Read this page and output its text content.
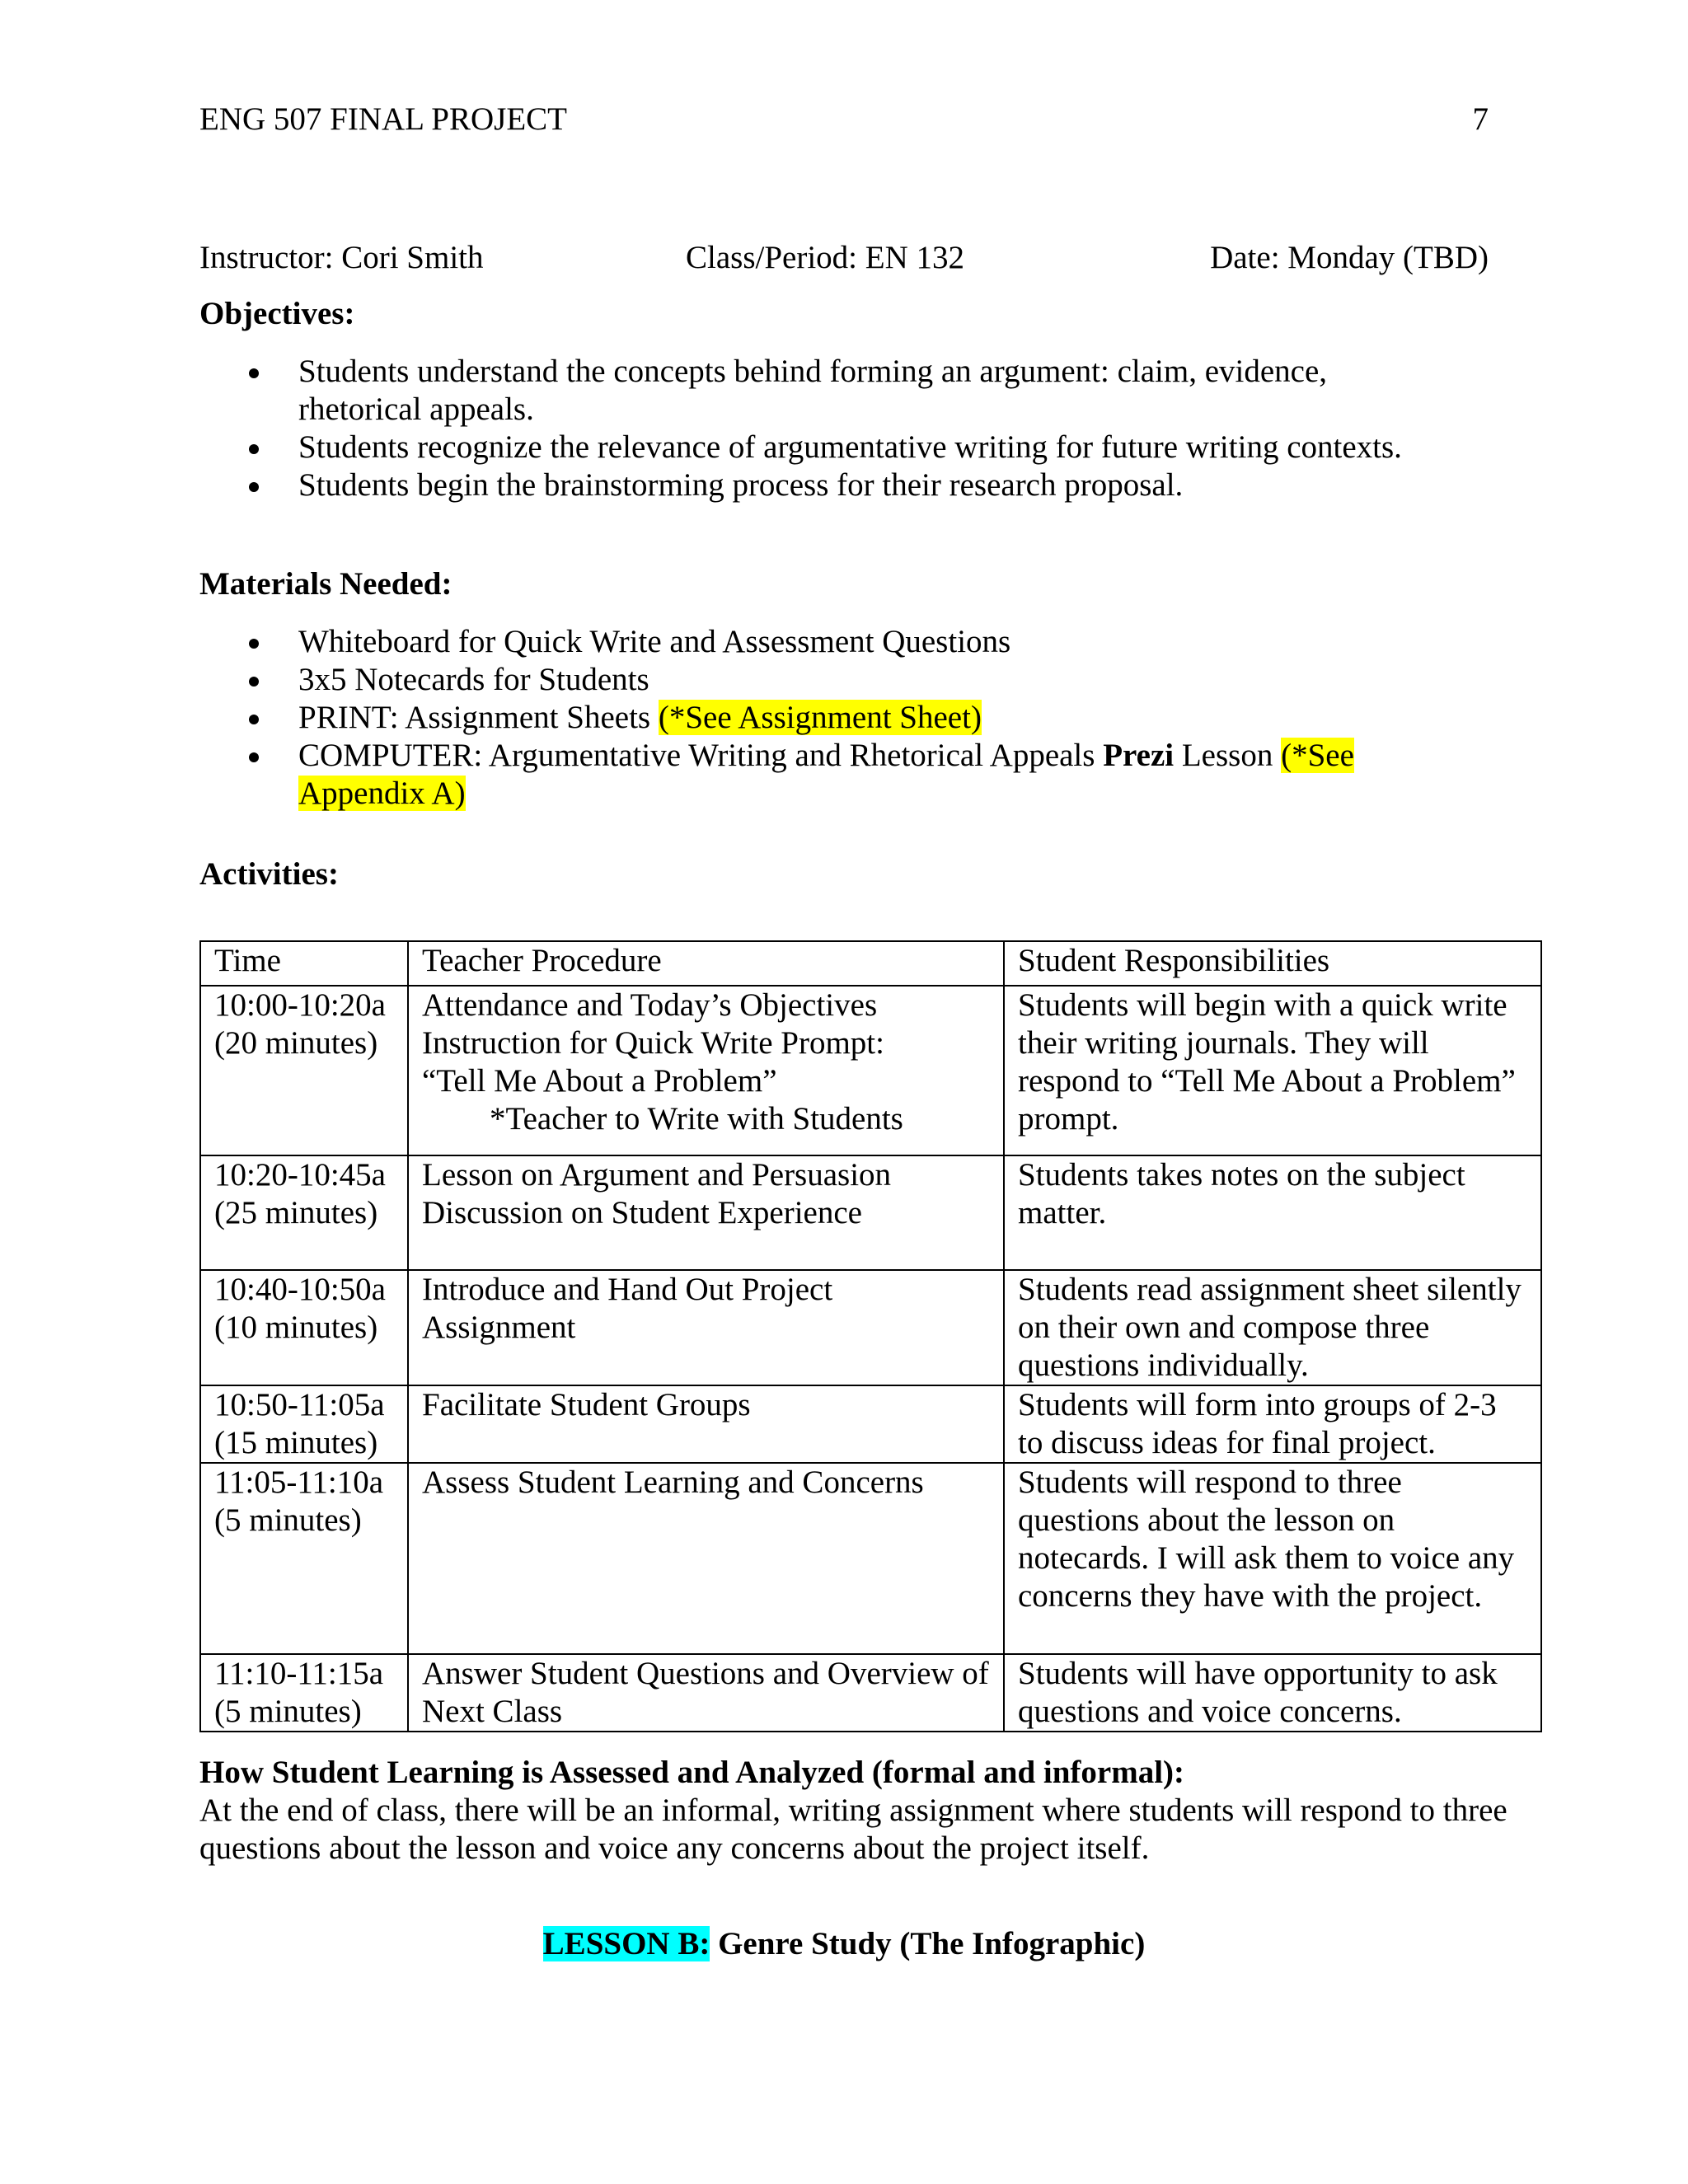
ENG 507 FINAL PROJECT	7
Instructor: Cori Smith	Class/Period: EN 132	Date: Monday (TBD)
Objectives:
Students understand the concepts behind forming an argument: claim, evidence, rhetorical appeals.
Students recognize the relevance of argumentative writing for future writing contexts.
Students begin the brainstorming process for their research proposal.
Materials Needed:
Whiteboard for Quick Write and Assessment Questions
3x5 Notecards for Students
PRINT: Assignment Sheets (*See Assignment Sheet)
COMPUTER: Argumentative Writing and Rhetorical Appeals Prezi Lesson (*See Appendix A)
Activities:
Time	Teacher Procedure	Student Responsibilities
10:00-10:20a
(20 minutes)	Attendance and Today’s Objectives
Instruction for Quick Write Prompt:
“Tell Me About a Problem”
*Teacher to Write with Students	Students will begin with a quick write their writing journals. They will respond to “Tell Me About a Problem” prompt.
10:20-10:45a
(25 minutes)	Lesson on Argument and Persuasion
Discussion on Student Experience	Students takes notes on the subject matter.
10:40-10:50a
(10 minutes)	Introduce and Hand Out Project Assignment	Students read assignment sheet silently on their own and compose three questions individually.
10:50-11:05a
(15 minutes)	Facilitate Student Groups	Students will form into groups of 2-3 to discuss ideas for final project.
11:05-11:10a
(5 minutes)	Assess Student Learning and Concerns	Students will respond to three questions about the lesson on notecards. I will ask them to voice any concerns they have with the project.
11:10-11:15a
(5 minutes)	Answer Student Questions and Overview of Next Class	Students will have opportunity to ask questions and voice concerns.
How Student Learning is Assessed and Analyzed (formal and informal):
At the end of class, there will be an informal, writing assignment where students will respond to three questions about the lesson and voice any concerns about the project itself.
LESSON B: Genre Study (The Infographic)
